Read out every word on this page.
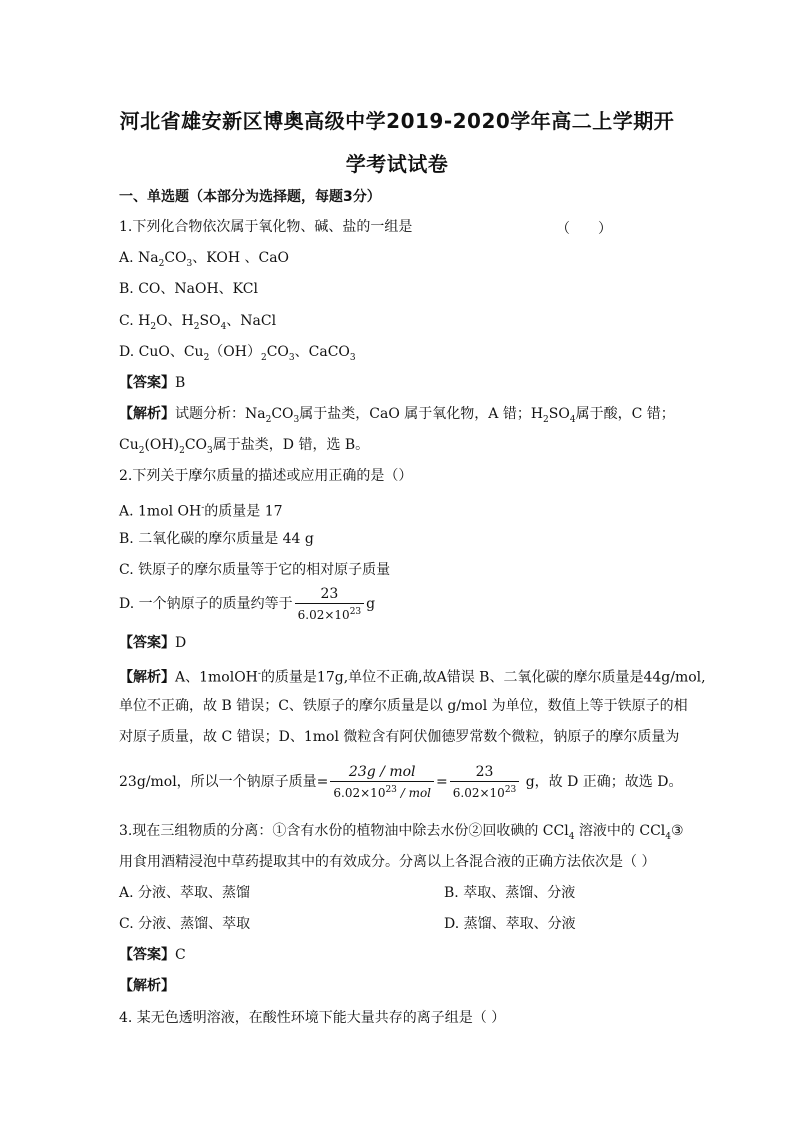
河北省雄安新区博奥高级中学2019-2020学年高二上学期开
学考试试卷
一、单选题（本部分为选择题，每题3分）
1.下列化合物依次属于氧化物、碱、盐的一组是	（　　）
A. $Na_2CO_3$、KOH 、CaO
B. CO、NaOH、KCl
C. $H_2O$、$H_2SO_4$、NaCl
D. CuO、$Cu_2(OH)_2CO_3$、CaCO$_3$
【答案】B
【解析】试题分析：$Na_2CO_3$属于盐类，CaO 属于氧化物，A 错；$H_2SO_4$属于酸，C 错；
$Cu_2(OH)_2CO_3$属于盐类，D 错，选 B。
2.下列关于摩尔质量的描述或应用正确的是（）
A. 1mol OH-的质量是 17
B. 二氧化碳的摩尔质量是 44 g
C. 铁原子的摩尔质量等于它的相对原子质量
D. 一个钠原子的质量约等于 $\frac{23}{6.02\times 10^{23}}$ g
【答案】D
【解析】A、1molOH-的质量是17g,单位不正确,故A错误 B、二氧化碳的摩尔质量是44g/mol,
单位不正确，故 B 错误；C、铁原子的摩尔质量是以 g/mol 为单位，数值上等于铁原子的相
对原子质量，故 C 错误；D、1mol 微粒含有阿伏伽德罗常数个微粒，钠原子的摩尔质量为
23g/mol，所以一个钠原子质量= $\frac{\text{23g / mol}}{6.02\times 10^{23} / mol} = \frac{23}{6.02\times 10^{23}}$ g，故 D 正确；故选 D。
3.现在三组物质的分离：①含有水份的植物油中除去水份②回收碘的 CCl$_4$ 溶液中的 CCl$_4$③
用食用酒精浸泡中草药提取其中的有效成分。分离以上各混合液的正确方法依次是（ ）
A. 分液、萃取、蒸馏	B. 萃取、蒸馏、分液
C. 分液、蒸馏、萃取	D. 蒸馏、萃取、分液
【答案】C
【解析】
4. 某无色透明溶液，在酸性环境下能大量共存的离子组是（ ）
